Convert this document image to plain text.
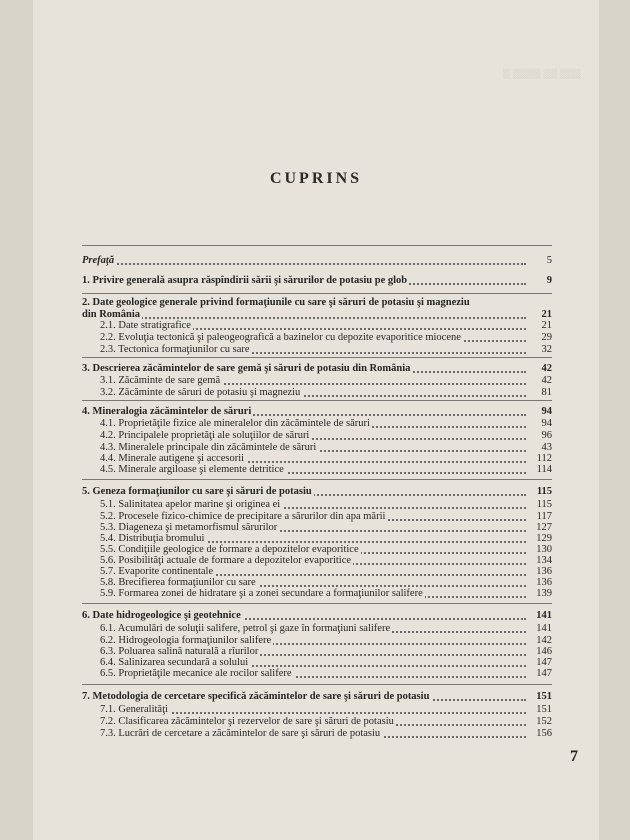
▒ ▒▒▒▒ ▒▒ ▒▒▒
CUPRINS
Prefaţă	5
1. Privire generală asupra răspîndirii sării şi sărurilor de potasiu pe glob	9
2. Date geologice generale privind formaţiunile cu sare şi săruri de potasiu şi magneziu
din România	21
2.1. Date stratigrafice	21
2.2. Evoluţia tectonică şi paleogeografică a bazinelor cu depozite evaporitice miocene	29
2.3. Tectonica formaţiunilor cu sare	32
3. Descrierea zăcămintelor de sare gemă şi săruri de potasiu din România	42
3.1. Zăcăminte de sare gemă	42
3.2. Zăcăminte de săruri de potasiu şi magneziu	81
4. Mineralogia zăcămintelor de săruri	94
4.1. Proprietăţile fizice ale mineralelor din zăcămintele de săruri	94
4.2. Principalele proprietăţi ale soluţiilor de săruri	96
4.3. Mineralele principale din zăcămintele de săruri	43
4.4. Minerale autigene şi accesorii	112
4.5. Minerale argiloase şi elemente detritice	114
5. Geneza formaţiunilor cu sare şi săruri de potasiu	115
5.1. Salinitatea apelor marine şi originea ei	115
5.2. Procesele fizico-chimice de precipitare a sărurilor din apa mării	117
5.3. Diageneza şi metamorfismul sărurilor	127
5.4. Distribuţia bromului	129
5.5. Condiţiile geologice de formare a depozitelor evaporitice	130
5.6. Posibilităţi actuale de formare a depozitelor evaporitice	134
5.7. Evaporite continentale	136
5.8. Brecifierea formaţiunilor cu sare	136
5.9. Formarea zonei de hidratare şi a zonei secundare a formaţiunilor salifere	139
6. Date hidrogeologice şi geotehnice	141
6.1. Acumulări de soluţii salifere, petrol şi gaze în formaţiuni salifere	141
6.2. Hidrogeologia formaţiunilor salifere	142
6.3. Poluarea salină naturală a rîurilor	146
6.4. Salinizarea secundară a solului	147
6.5. Proprietăţile mecanice ale rocilor salifere	147
7. Metodologia de cercetare specifică zăcămintelor de sare şi săruri de potasiu	151
7.1. Generalităţi	151
7.2. Clasificarea zăcămintelor şi rezervelor de sare şi săruri de potasiu	152
7.3. Lucrări de cercetare a zăcămintelor de sare şi săruri de potasiu	156
7
